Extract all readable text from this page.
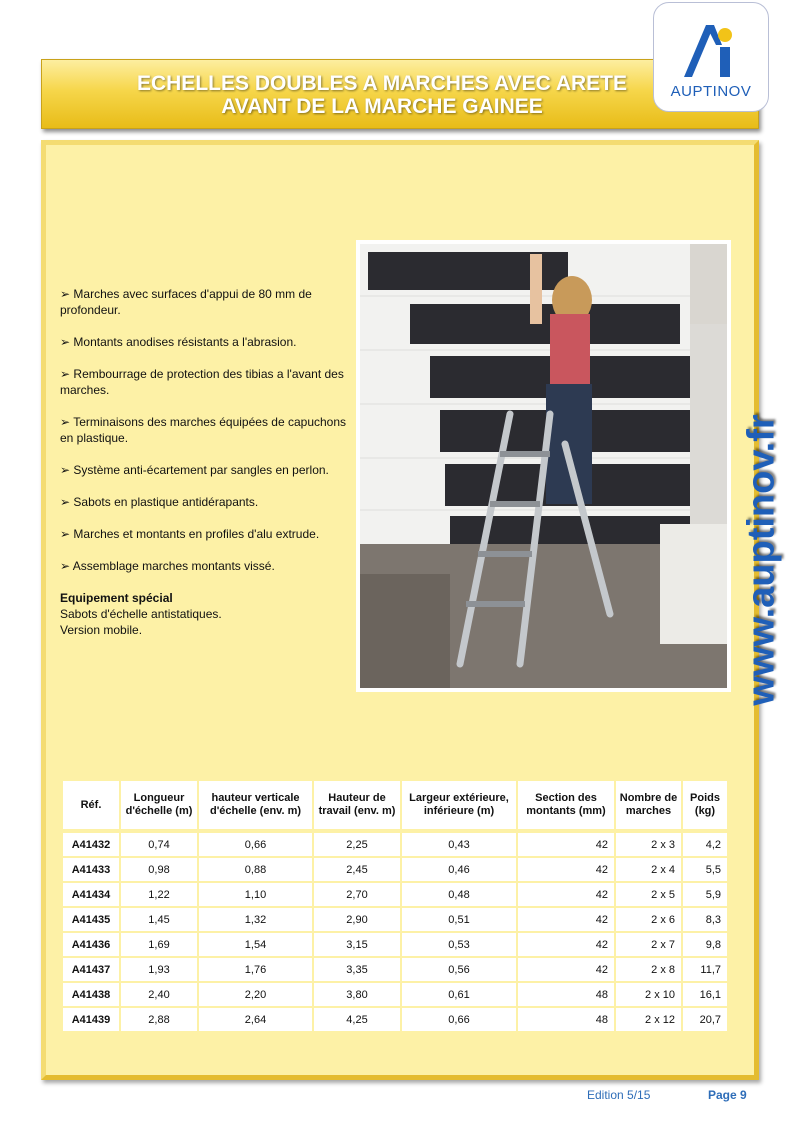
ECHELLES DOUBLES A MARCHES AVEC ARETE
AVANT DE LA MARCHE GAINEE
AUPTINOV
➢ Marches avec surfaces d'appui de 80 mm de profondeur.
➢ Montants anodises résistants a l'abrasion.
➢ Rembourrage de protection des tibias a l'avant des marches.
➢ Terminaisons des marches équipées de capuchons en plastique.
➢ Système anti-écartement par sangles en perlon.
➢ Sabots en plastique antidérapants.
➢ Marches et montants en profiles d'alu extrude.
➢ Assemblage marches montants vissé.
Equipement spécial
Sabots d'échelle antistatiques.
Version mobile.	www.auptinov.fr
Réf.	Longueur d'échelle (m)	hauteur verticale d'échelle (env. m)	Hauteur de travail (env. m)	Largeur extérieure, inférieure (m)	Section des montants (mm)	Nombre de marches	Poids (kg)
A41432	0,74	0,66	2,25	0,43	42	2 x 3	4,2
A41433	0,98	0,88	2,45	0,46	42	2 x 4	5,5
A41434	1,22	1,10	2,70	0,48	42	2 x 5	5,9
A41435	1,45	1,32	2,90	0,51	42	2 x 6	8,3
A41436	1,69	1,54	3,15	0,53	42	2 x 7	9,8
A41437	1,93	1,76	3,35	0,56	42	2 x 8	11,7
A41438	2,40	2,20	3,80	0,61	48	2 x 10	16,1
A41439	2,88	2,64	4,25	0,66	48	2 x 12	20,7
Edition 5/15	Page 9
